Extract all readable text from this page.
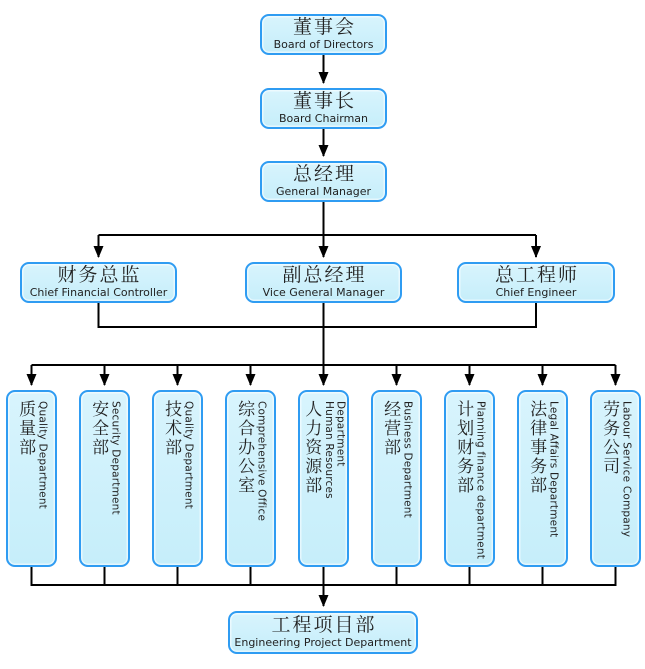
董事会
Board of Directors
董事长
Board Chairman
总经理
General Manager
财务总监
Chief Financial Controller
副总经理
Vice General Manager
总工程师
Chief Engineer
质量部 Quality Department 安全部 Security Department 技术部 Quality Department 综合办公室 Comprehensive Office 人力资源部 Human Resources Department 经营部 Business Department 计划财务部 Planning finance department 法律事务部 Legal Affairs Department 劳务公司 Labour Service Company
工程项目部
Engineering Project Department
